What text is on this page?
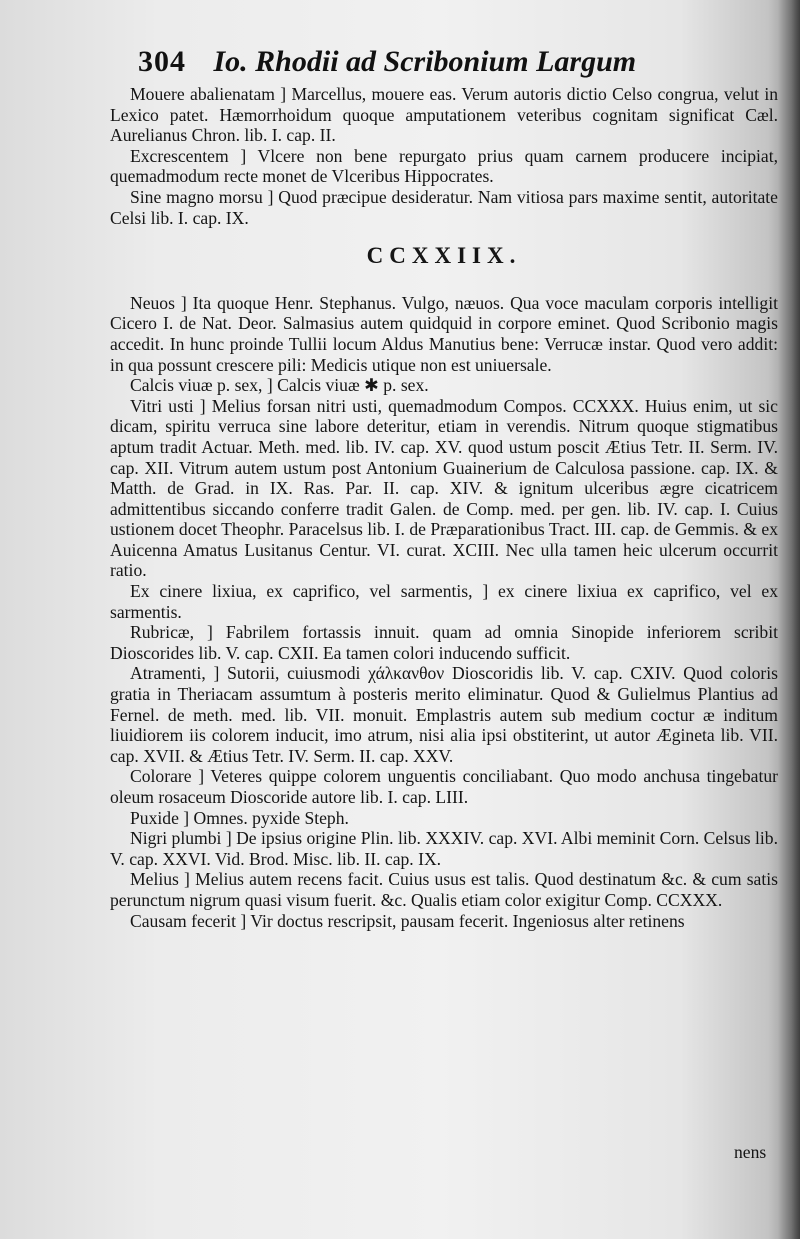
304 Io. Rhodii ad Scribonium Largum

Mouere abalienatam ] Marcellus, mouere eas. Verum autoris dictio Celso congrua, velut in Lexico patet. Hæmorrhoidum quoque amputationem veteribus cognitam significat Cæl. Aurelianus Chron. lib. I. cap. II.

Excrescentem ] Vlcere non bene repurgato prius quam carnem producere incipiat, quemadmodum recte monet de Vlceribus Hippocrates.

Sine magno morsu ] Quod præcipue desideratur. Nam vitiosa pars maxime sentit, autoritate Celsi lib. I. cap. IX.

CCXXIIX.

Neuos ] Ita quoque Henr. Stephanus. Vulgo, næuos. Qua voce maculam corporis intelligit Cicero I. de Nat. Deor. Salmasius autem quidquid in corpore eminet. Quod Scribonio magis accedit. In hunc proinde Tullii locum Aldus Manutius bene: Verrucæ instar. Quod vero addit: in qua possunt crescere pili: Medicis utique non est uniuersale.

Calcis viuæ p. sex, ] Calcis viuæ ✱ p. sex.

Vitri usti ] Melius forsan nitri usti, quemadmodum Compos. CCXXX. Huius enim, ut sic dicam, spiritu verruca sine labore deteritur, etiam in verendis. Nitrum quoque stigmatibus aptum tradit Actuar. Meth. med. lib. IV. cap. XV. quod ustum poscit Ætius Tetr. II. Serm. IV. cap. XII. Vitrum autem ustum post Antonium Guainerium de Calculosa passione. cap. IX. & Matth. de Grad. in IX. Ras. Par. II. cap. XIV. & ignitum ulceribus ægre cicatricem admittentibus siccando conferre tradit Galen. de Comp. med. per gen. lib. IV. cap. I. Cuius ustionem docet Theophr. Paracelsus lib. I. de Præparationibus Tract. III. cap. de Gemmis. & ex Auicenna Amatus Lusitanus Centur. VI. curat. XCIII. Nec ulla tamen heic ulcerum occurrit ratio.

Ex cinere lixiua, ex caprifico, vel sarmentis, ] ex cinere lixiua ex caprifico, vel ex sarmentis.

Rubricæ, ] Fabrilem fortassis innuit. quam ad omnia Sinopide inferiorem scribit Dioscorides lib. V. cap. CXII. Ea tamen colori inducendo sufficit.

Atramenti, ] Sutorii, cuiusmodi χάλκανθον Dioscoridis lib. V. cap. CXIV. Quod coloris gratia in Theriacam assumtum à posteris merito eliminatur. Quod & Gulielmus Plantius ad Fernel. de meth. med. lib. VII. monuit. Emplastris autem sub medium coctur æ inditum liuidiorem iis colorem inducit, imo atrum, nisi alia ipsi obstiterint, ut autor Ægineta lib. VII. cap. XVII. & Ætius Tetr. IV. Serm. II. cap. XXV.

Colorare ] Veteres quippe colorem unguentis conciliabant. Quo modo anchusa tingebatur oleum rosaceum Dioscoride autore lib. I. cap. LIII.

Puxide ] Omnes. pyxide Steph.

Nigri plumbi ] De ipsius origine Plin. lib. XXXIV. cap. XVI. Albi meminit Corn. Celsus lib. V. cap. XXVI. Vid. Brod. Misc. lib. II. cap. IX.

Melius ] Melius autem recens facit. Cuius usus est talis. Quod destinatum &c. & cum satis perunctum nigrum quasi visum fuerit. &c. Qualis etiam color exigitur Comp. CCXXX.

Causam fecerit ] Vir doctus rescripsit, pausam fecerit. Ingeniosus alter retinens

nens
